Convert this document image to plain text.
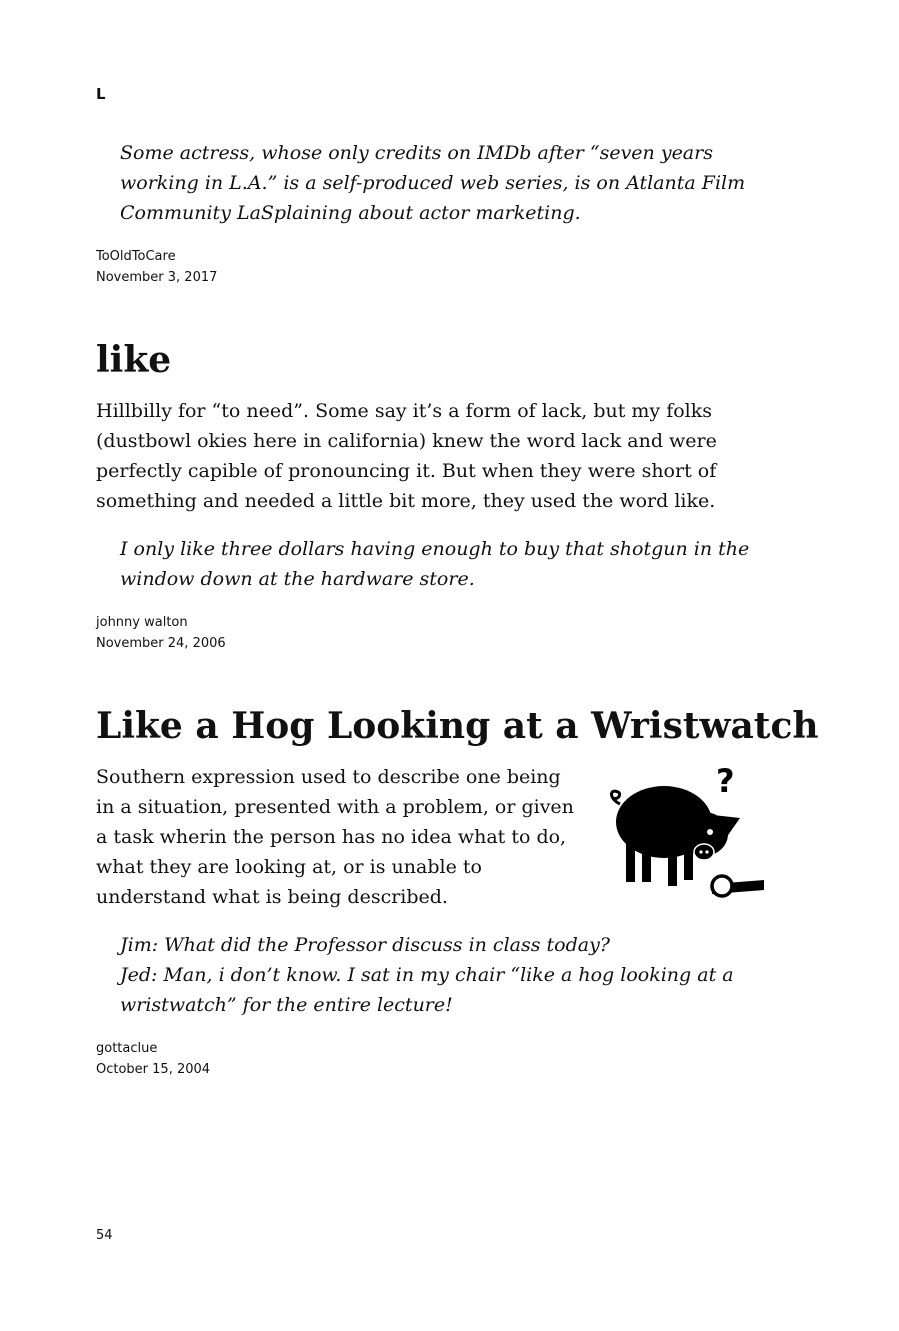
L

Some actress, whose only credits on IMDb after “seven years
working in L.A.” is a self-produced web series, is on Atlanta Film
Community LaSplaining about actor marketing.

ToOldToCare
November 3, 2017
like

Hillbilly for “to need”. Some say it’s a form of lack, but my folks
(dustbowl okies here in california) knew the word lack and were
perfectly capible of pronouncing it. But when they were short of
something and needed a little bit more, they used the word like.

I only like three dollars having enough to buy that shotgun in the
window down at the hardware store.

johnny walton
November 24, 2006
Like a Hog Looking at a Wristwatch

Southern expression used to describe one being
in a situation, presented with a problem, or given
a task wherin the person has no idea what to do,
what they are looking at, or is unable to
understand what is being described.

?

Jim: What did the Professor discuss in class today?
Jed: Man, i don’t know. I sat in my chair “like a hog looking at a
wristwatch” for the entire lecture!

gottaclue
October 15, 2004
54
